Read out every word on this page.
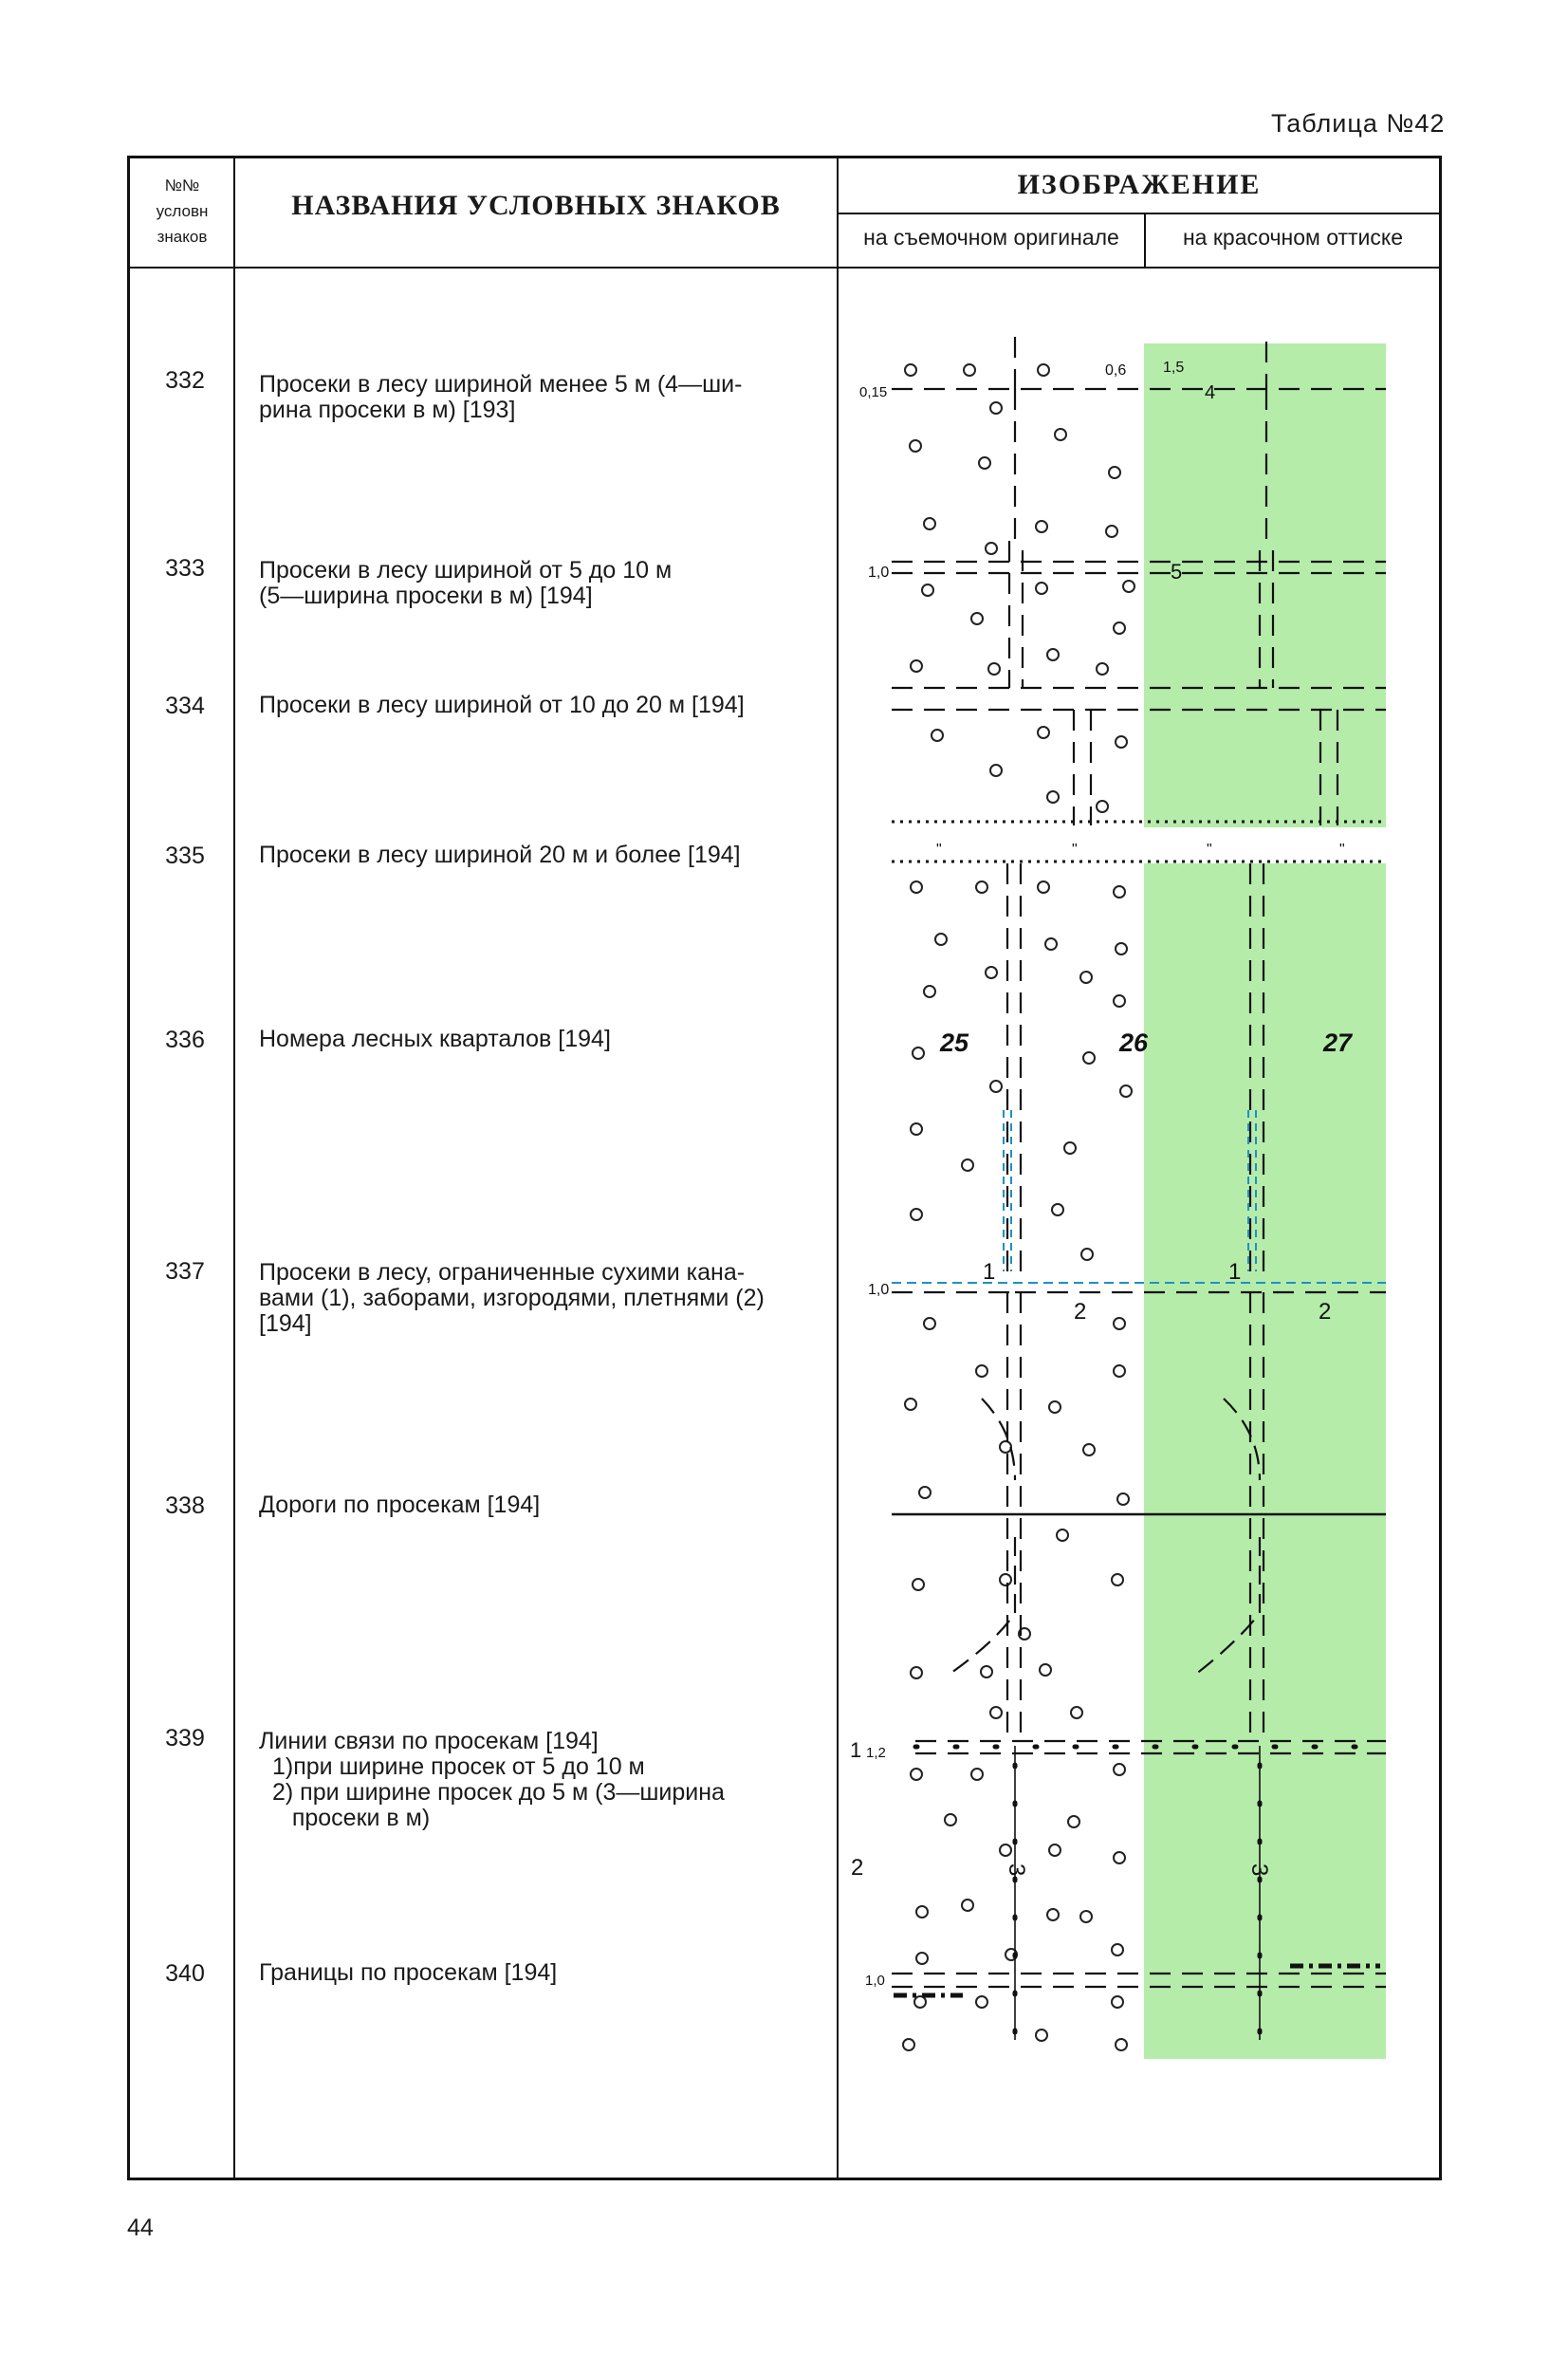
Таблица №42
№№
условн
знаков
НАЗВАНИЯ УСЛОВНЫХ ЗНАКОВ
ИЗОБРАЖЕНИЕ
на съемочном оригинале	на красочном оттиске
332	Просеки в лесу шириной менее 5 м (4—ши-
рина просеки в м) [193]
333	Просеки в лесу шириной от 5 до 10 м
(5—ширина просеки в м) [194]
334	Просеки в лесу шириной от 10 до 20 м [194]
335	Просеки в лесу шириной 20 м и более [194]
336	Номера лесных кварталов [194]
337	Просеки в лесу, ограниченные сухими кана-
вами (1), заборами, изгородями, плетнями (2)
[194]
338	Дороги по просекам [194]
339	Линии связи по просекам [194]

1)при ширине просек от 5 до 10 м
2) при ширине просек до 5 м (3—ширина
просеки в м)
340	Границы по просекам [194]
0,15
0,6 1,5
4
1,0	5
"	"	"	"
25	26	27
1	1
1,0
2	2
1 1,2
2	3	3
1,0
44
